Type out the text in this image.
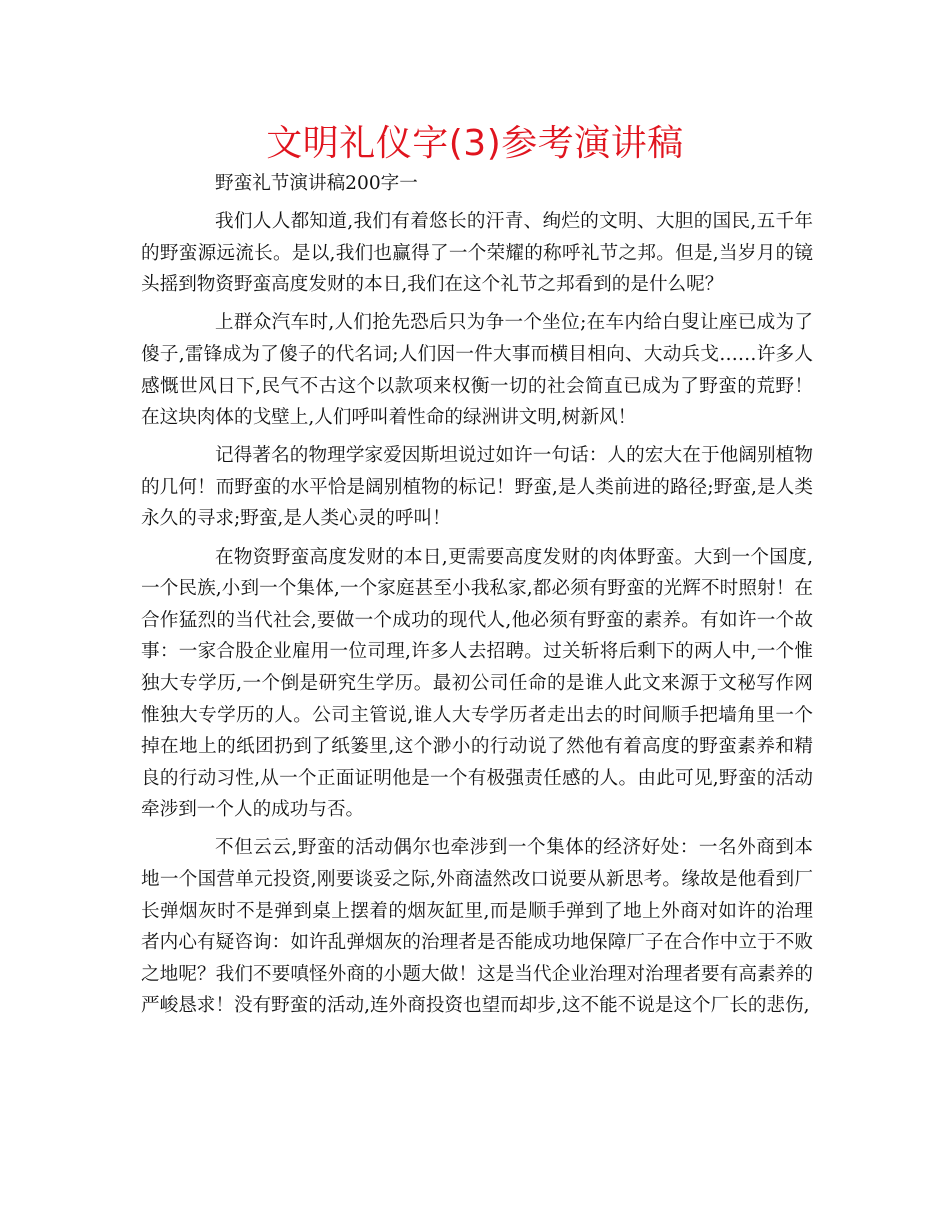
文明礼仪字(3)参考演讲稿

野蛮礼节演讲稿200字一

我们人人都知道,我们有着悠长的汗青、绚烂的文明、大胆的国民,五千年的野蛮源远流长。是以,我们也赢得了一个荣耀的称呼礼节之邦。但是,当岁月的镜头摇到物资野蛮高度发财的本日,我们在这个礼节之邦看到的是什么呢？

上群众汽车时,人们抢先恐后只为争一个坐位;在车内给白叟让座已成为了傻子,雷锋成为了傻子的代名词;人们因一件大事而横目相向、大动兵戈……许多人感慨世风日下,民气不古这个以款项来权衡一切的社会简直已成为了野蛮的荒野！在这块肉体的戈壁上,人们呼叫着性命的绿洲讲文明,树新风！

记得著名的物理学家爱因斯坦说过如许一句话：人的宏大在于他阔别植物的几何！而野蛮的水平恰是阔别植物的标记！野蛮,是人类前进的路径;野蛮,是人类永久的寻求;野蛮,是人类心灵的呼叫！

在物资野蛮高度发财的本日,更需要高度发财的肉体野蛮。大到一个国度,一个民族,小到一个集体,一个家庭甚至小我私家,都必须有野蛮的光辉不时照射！在合作猛烈的当代社会,要做一个成功的现代人,他必须有野蛮的素养。有如许一个故事：一家合股企业雇用一位司理,许多人去招聘。过关斩将后剩下的两人中,一个惟独大专学历,一个倒是研究生学历。最初公司任命的是谁人此文来源于文秘写作网惟独大专学历的人。公司主管说,谁人大专学历者走出去的时间顺手把墙角里一个掉在地上的纸团扔到了纸篓里,这个渺小的行动说了然他有着高度的野蛮素养和精良的行动习性,从一个正面证明他是一个有极强责任感的人。由此可见,野蛮的活动牵涉到一个人的成功与否。

不但云云,野蛮的活动偶尔也牵涉到一个集体的经济好处：一名外商到本地一个国营单元投资,刚要谈妥之际,外商溘然改口说要从新思考。缘故是他看到厂长弹烟灰时不是弹到桌上摆着的烟灰缸里,而是顺手弹到了地上外商对如许的治理者内心有疑咨询：如许乱弹烟灰的治理者是否能成功地保障厂子在合作中立于不败之地呢？我们不要嗔怪外商的小题大做！这是当代企业治理对治理者要有高素养的严峻恳求！没有野蛮的活动,连外商投资也望而却步,这不能不说是这个厂长的悲伤,
